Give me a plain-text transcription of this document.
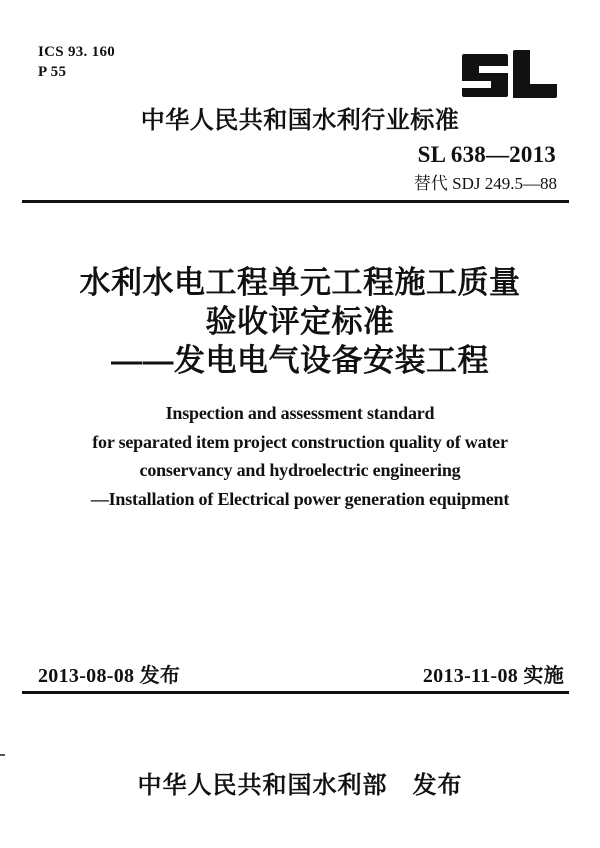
ICS 93. 160
P 55
中华人民共和国水利行业标准
SL 638—2013
替代 SDJ 249.5—88
水利水电工程单元工程施工质量
验收评定标准
——发电电气设备安装工程
Inspection and assessment standard
for separated item project construction quality of water
conservancy and hydroelectric engineering
—Installation of Electrical power generation equipment
2013-08-08 发布	2013-11-08 实施
中华人民共和国水利部　发布
